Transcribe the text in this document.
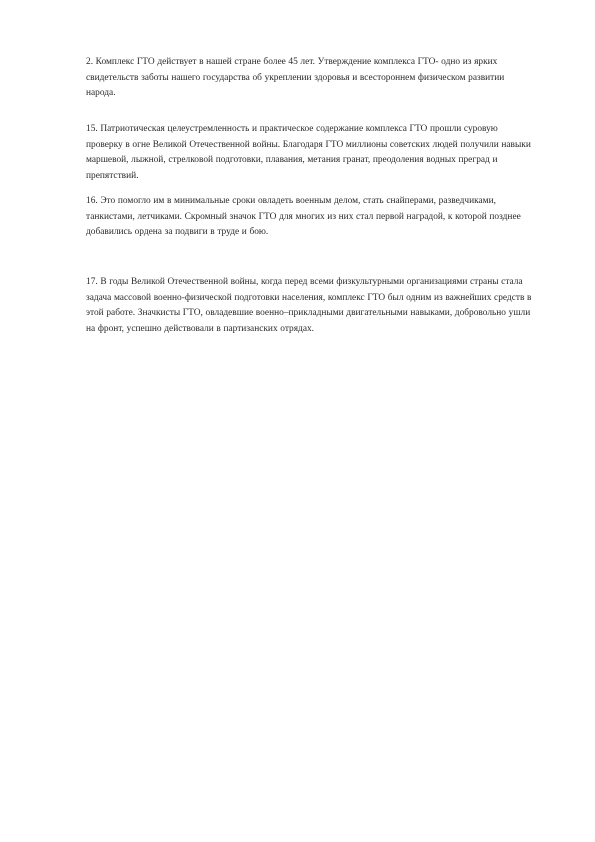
2. Комплекс ГТО действует в нашей стране более 45 лет. Утверждение комплекса ГТО- одно из ярких свидетельств заботы нашего государства об укреплении здоровья и всестороннем физическом развитии народа.

15. Патриотическая целеустремленность и практическое содержание комплекса ГТО прошли суровую проверку в огне Великой Отечественной войны. Благодаря ГТО миллионы советских людей получили навыки маршевой, лыжной, стрелковой подготовки, плавания, метания гранат, преодоления водных преград и препятствий.

16. Это помогло им в минимальные сроки овладеть военным делом, стать снайперами, разведчиками, танкистами, летчиками. Скромный значок ГТО для многих из них стал первой наградой, к которой позднее добавились ордена за подвиги в труде и бою.

17. В годы Великой Отечественной войны, когда перед всеми физкультурными организациями страны стала задача массовой военно-физической подготовки населения, комплекс ГТО был одним из важнейших средств в этой работе. Значкисты ГТО, овладевшие военно–прикладными двигательными навыками, добровольно ушли на фронт, успешно действовали в партизанских отрядах.
